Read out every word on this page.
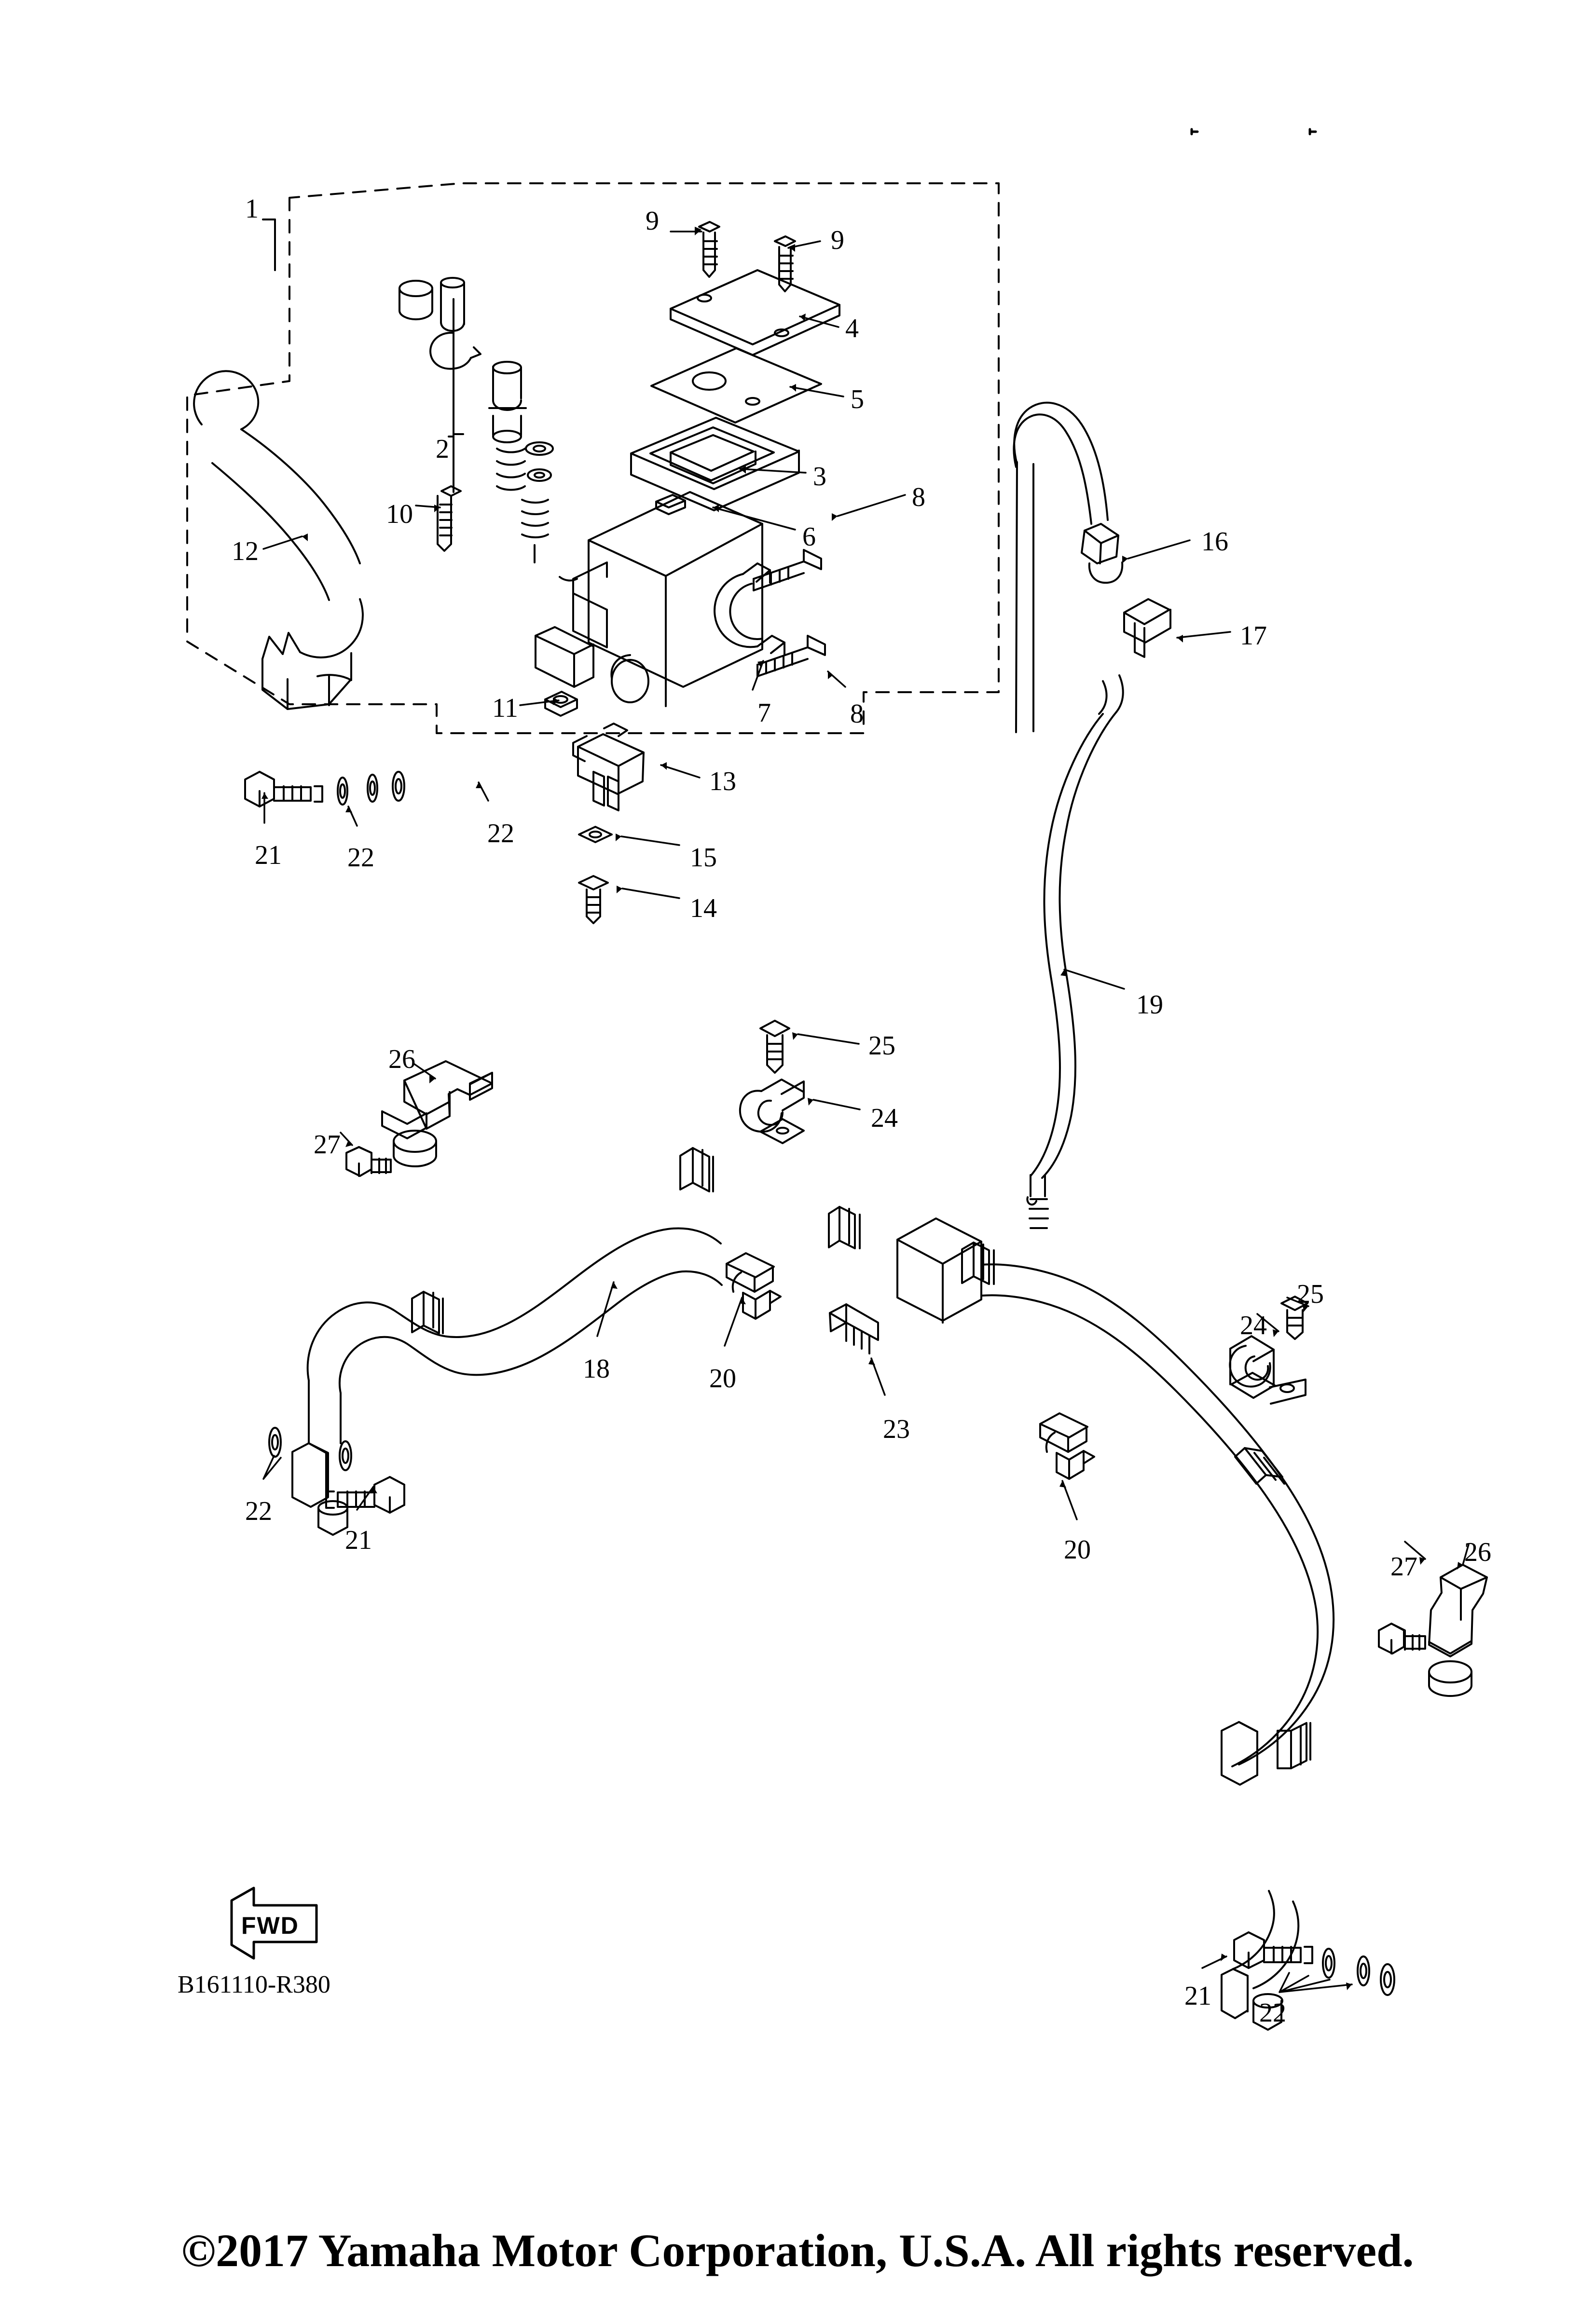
1	9
9
4
5
2
3
6
8
16
10
12
17
11	7	8
13
21 22
22
15
14
19
26	25
24
27
18	20
23
25
24
22
21	20
27 26
21
22
FWD
B161110-R380
©2017 Yamaha Motor Corporation, U.S.A. All rights reserved.
